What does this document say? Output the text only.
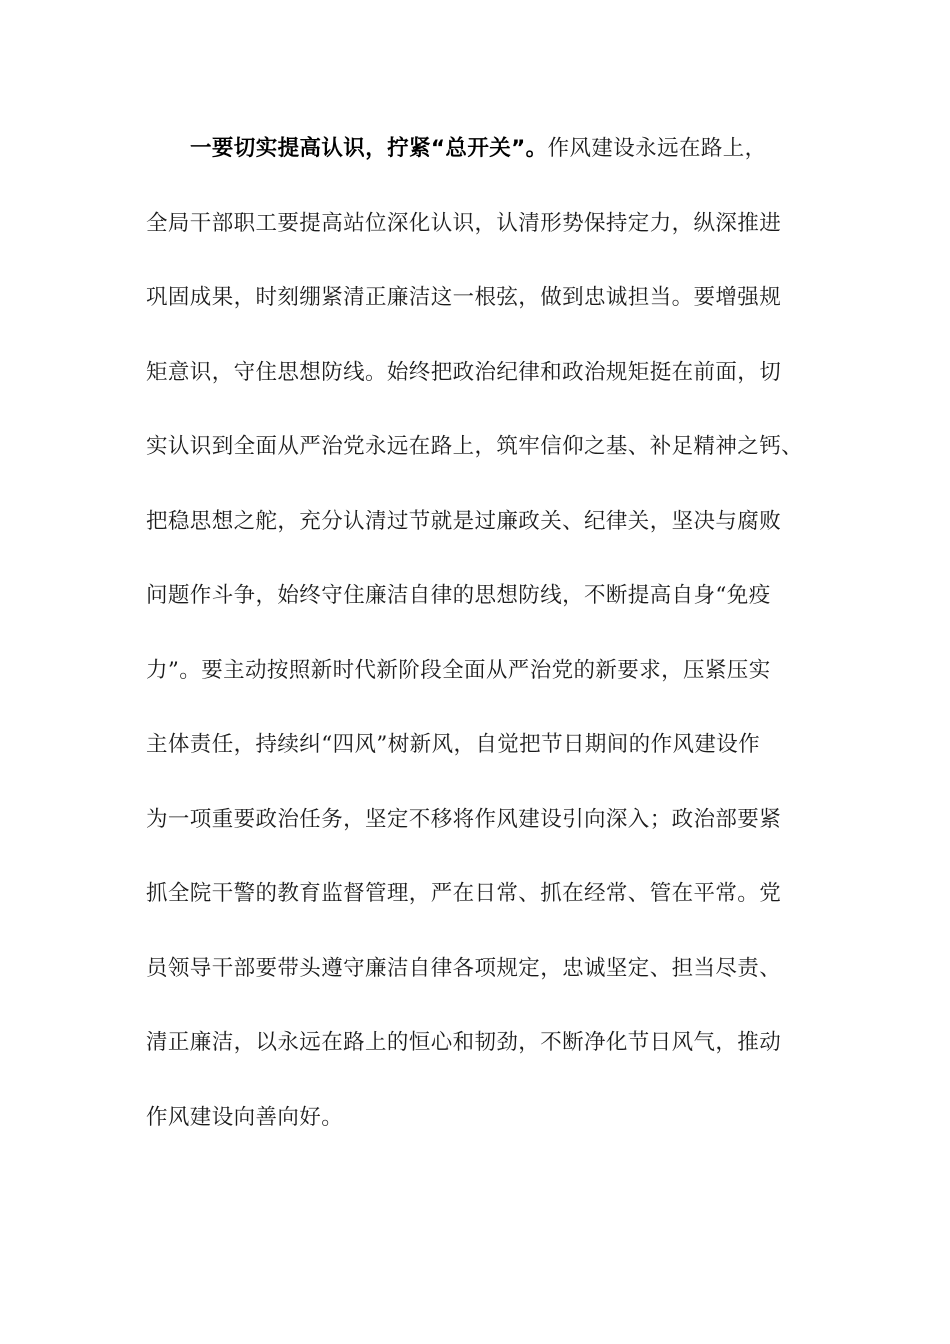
一要切实提高认识，拧紧“总开关”。作风建设永远在路上，
全局干部职工要提高站位深化认识，认清形势保持定力，纵深推进
巩固成果，时刻绷紧清正廉洁这一根弦，做到忠诚担当。要增强规
矩意识，守住思想防线。始终把政治纪律和政治规矩挺在前面，切
实认识到全面从严治党永远在路上，筑牢信仰之基、补足精神之钙、
把稳思想之舵，充分认清过节就是过廉政关、纪律关，坚决与腐败
问题作斗争，始终守住廉洁自律的思想防线，不断提高自身“免疫
力”。要主动按照新时代新阶段全面从严治党的新要求，压紧压实
主体责任，持续纠“四风”树新风，自觉把节日期间的作风建设作
为一项重要政治任务，坚定不移将作风建设引向深入；政治部要紧
抓全院干警的教育监督管理，严在日常、抓在经常、管在平常。党
员领导干部要带头遵守廉洁自律各项规定，忠诚坚定、担当尽责、
清正廉洁，以永远在路上的恒心和韧劲，不断净化节日风气，推动
作风建设向善向好。
